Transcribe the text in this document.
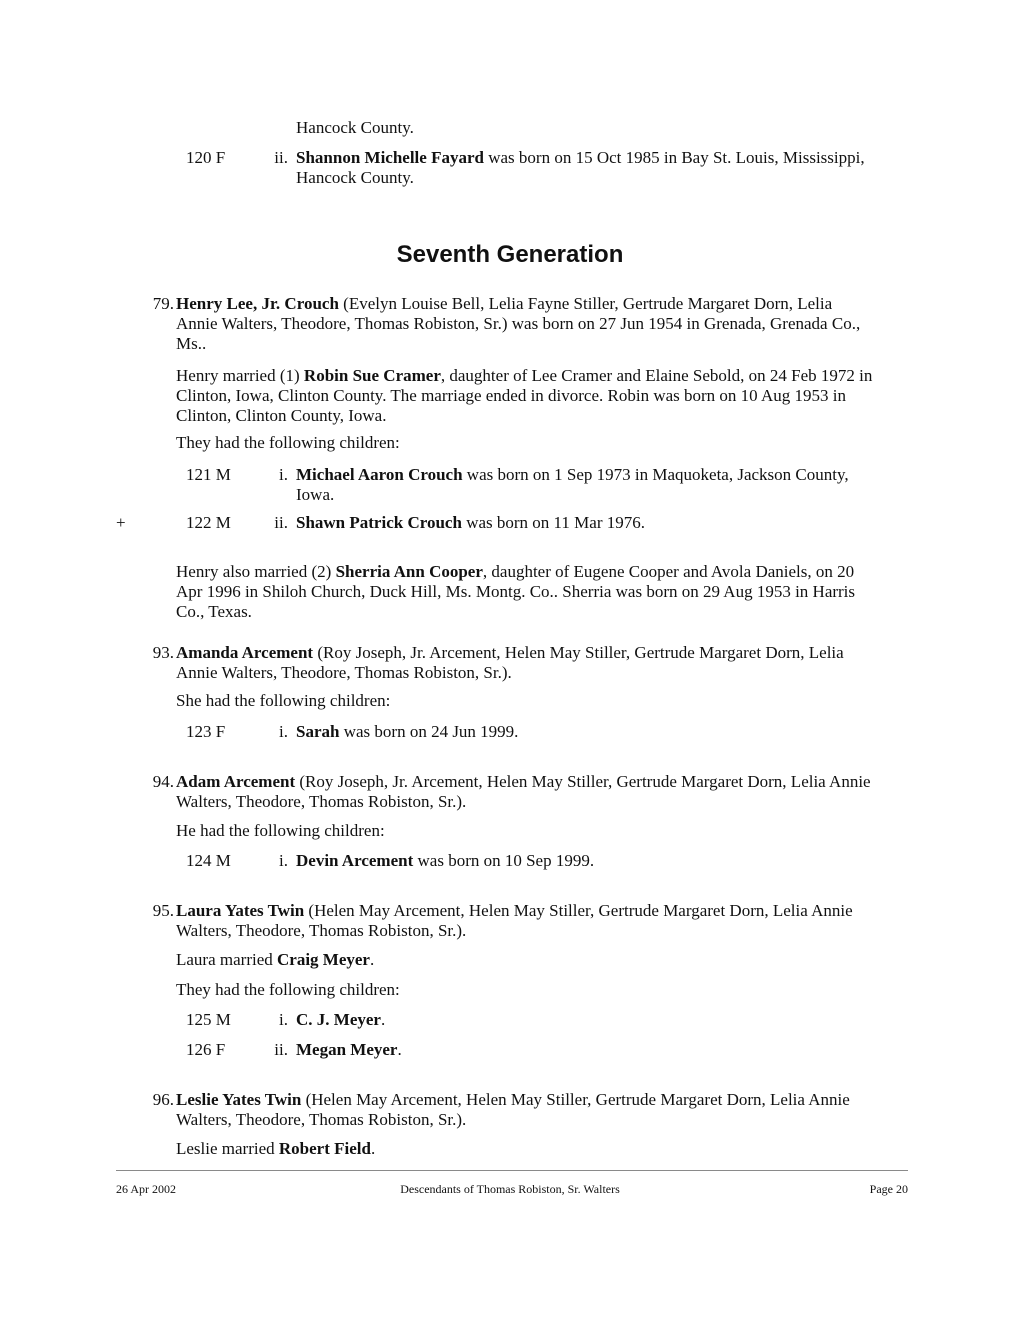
Hancock County.
120 F	ii. Shannon Michelle Fayard was born on 15 Oct 1985 in Bay St. Louis, Mississippi,
Hancock County.
Seventh Generation
79. Henry Lee, Jr. Crouch (Evelyn Louise Bell, Lelia Fayne Stiller, Gertrude Margaret Dorn, Lelia
Annie Walters, Theodore, Thomas Robiston, Sr.) was born on 27 Jun 1954 in Grenada, Grenada Co.,
Ms..
Henry married (1) Robin Sue Cramer, daughter of Lee Cramer and Elaine Sebold, on 24 Feb 1972 in
Clinton, Iowa, Clinton County. The marriage ended in divorce. Robin was born on 10 Aug 1953 in
Clinton, Clinton County, Iowa.
They had the following children:
121 M	i. Michael Aaron Crouch was born on 1 Sep 1973 in Maquoketa, Jackson County,
Iowa.
+	122 M	ii. Shawn Patrick Crouch was born on 11 Mar 1976.
Henry also married (2) Sherria Ann Cooper, daughter of Eugene Cooper and Avola Daniels, on 20
Apr 1996 in Shiloh Church, Duck Hill, Ms. Montg. Co.. Sherria was born on 29 Aug 1953 in Harris
Co., Texas.
93. Amanda Arcement (Roy Joseph, Jr. Arcement, Helen May Stiller, Gertrude Margaret Dorn, Lelia
Annie Walters, Theodore, Thomas Robiston, Sr.).
She had the following children:
123 F	i. Sarah was born on 24 Jun 1999.
94. Adam Arcement (Roy Joseph, Jr. Arcement, Helen May Stiller, Gertrude Margaret Dorn, Lelia Annie
Walters, Theodore, Thomas Robiston, Sr.).
He had the following children:
124 M	i. Devin Arcement was born on 10 Sep 1999.
95. Laura Yates Twin (Helen May Arcement, Helen May Stiller, Gertrude Margaret Dorn, Lelia Annie
Walters, Theodore, Thomas Robiston, Sr.).
Laura married Craig Meyer.
They had the following children:
125 M	i. C. J. Meyer.
126 F	ii. Megan Meyer.
96. Leslie Yates Twin (Helen May Arcement, Helen May Stiller, Gertrude Margaret Dorn, Lelia Annie
Walters, Theodore, Thomas Robiston, Sr.).
Leslie married Robert Field.
26 Apr 2002	Descendants of Thomas Robiston, Sr. Walters	Page 20
